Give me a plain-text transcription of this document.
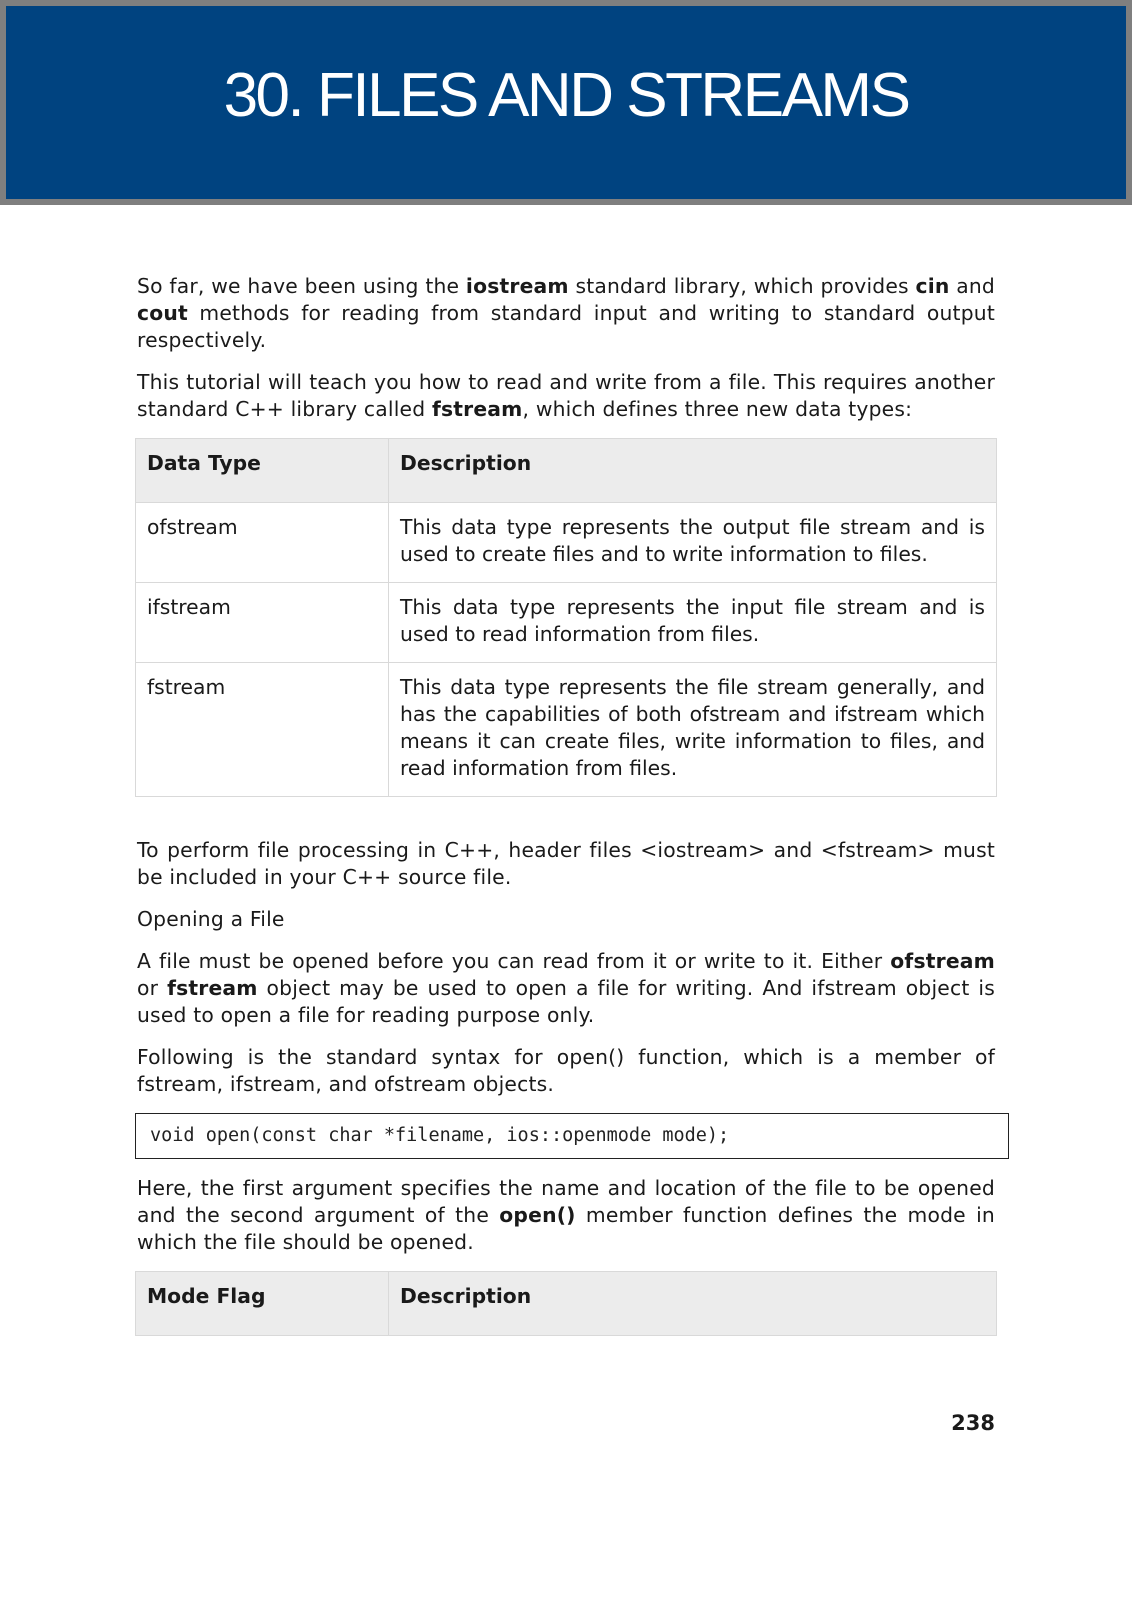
30. FILES AND STREAMS

So far, we have been using the iostream standard library, which provides cin and cout methods for reading from standard input and writing to standard output respectively.

This tutorial will teach you how to read and write from a file. This requires another standard C++ library called fstream, which defines three new data types:

Data Type	Description
ofstream	This data type represents the output file stream and is used to create files and to write information to files.
ifstream	This data type represents the input file stream and is used to read information from files.
fstream	This data type represents the file stream generally, and has the capabilities of both ofstream and ifstream which means it can create files, write information to files, and read information from files.

To perform file processing in C++, header files <iostream> and <fstream> must be included in your C++ source file.

Opening a File

A file must be opened before you can read from it or write to it. Either ofstream or fstream object may be used to open a file for writing. And ifstream object is used to open a file for reading purpose only.

Following is the standard syntax for open() function, which is a member of fstream, ifstream, and ofstream objects.

void open(const char *filename, ios::openmode mode);

Here, the first argument specifies the name and location of the file to be opened and the second argument of the open() member function defines the mode in which the file should be opened.

Mode Flag	Description
238
